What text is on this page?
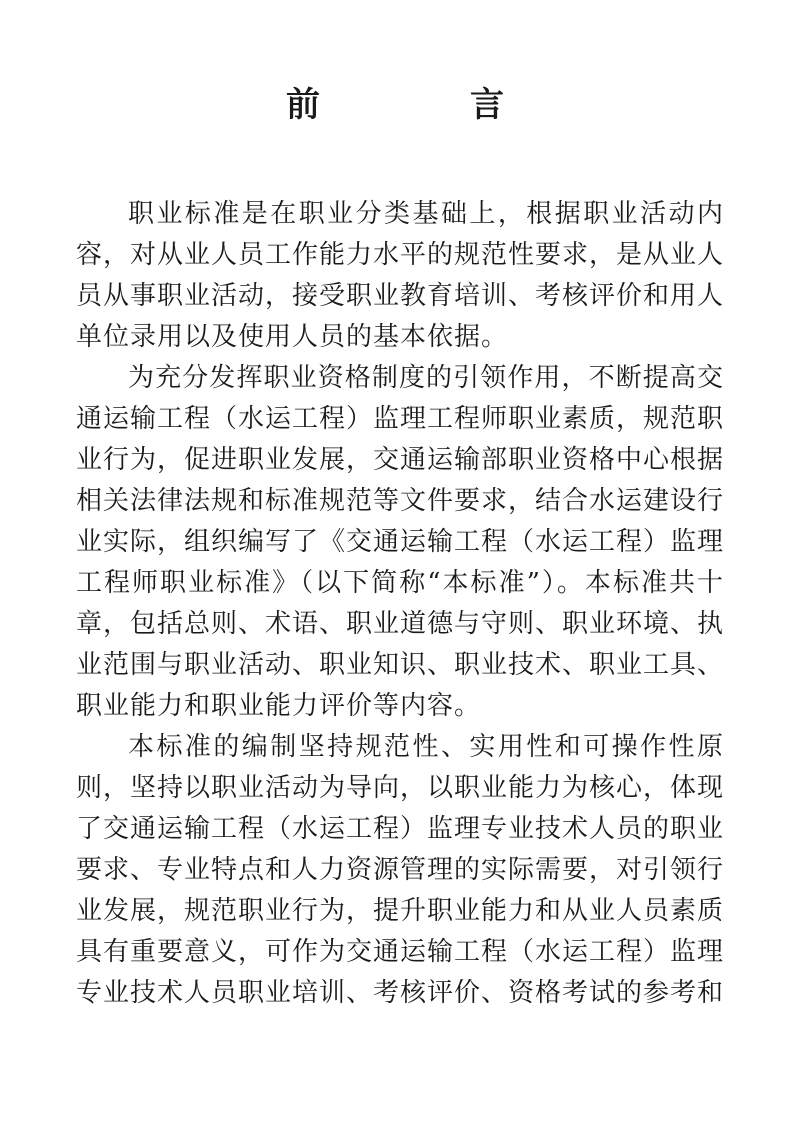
前　言

职业标准是在职业分类基础上，根据职业活动内容，对从业人员工作能力水平的规范性要求，是从业人员从事职业活动，接受职业教育培训、考核评价和用人单位录用以及使用人员的基本依据。

为充分发挥职业资格制度的引领作用，不断提高交通运输工程（水运工程）监理工程师职业素质，规范职业行为，促进职业发展，交通运输部职业资格中心根据相关法律法规和标准规范等文件要求，结合水运建设行业实际，组织编写了《交通运输工程（水运工程）监理工程师职业标准》（以下简称“本标准”）。本标准共十章，包括总则、术语、职业道德与守则、职业环境、执业范围与职业活动、职业知识、职业技术、职业工具、职业能力和职业能力评价等内容。

本标准的编制坚持规范性、实用性和可操作性原则，坚持以职业活动为导向，以职业能力为核心，体现了交通运输工程（水运工程）监理专业技术人员的职业要求、专业特点和人力资源管理的实际需要，对引领行业发展，规范职业行为，提升职业能力和从业人员素质具有重要意义，可作为交通运输工程（水运工程）监理专业技术人员职业培训、考核评价、资格考试的参考和
